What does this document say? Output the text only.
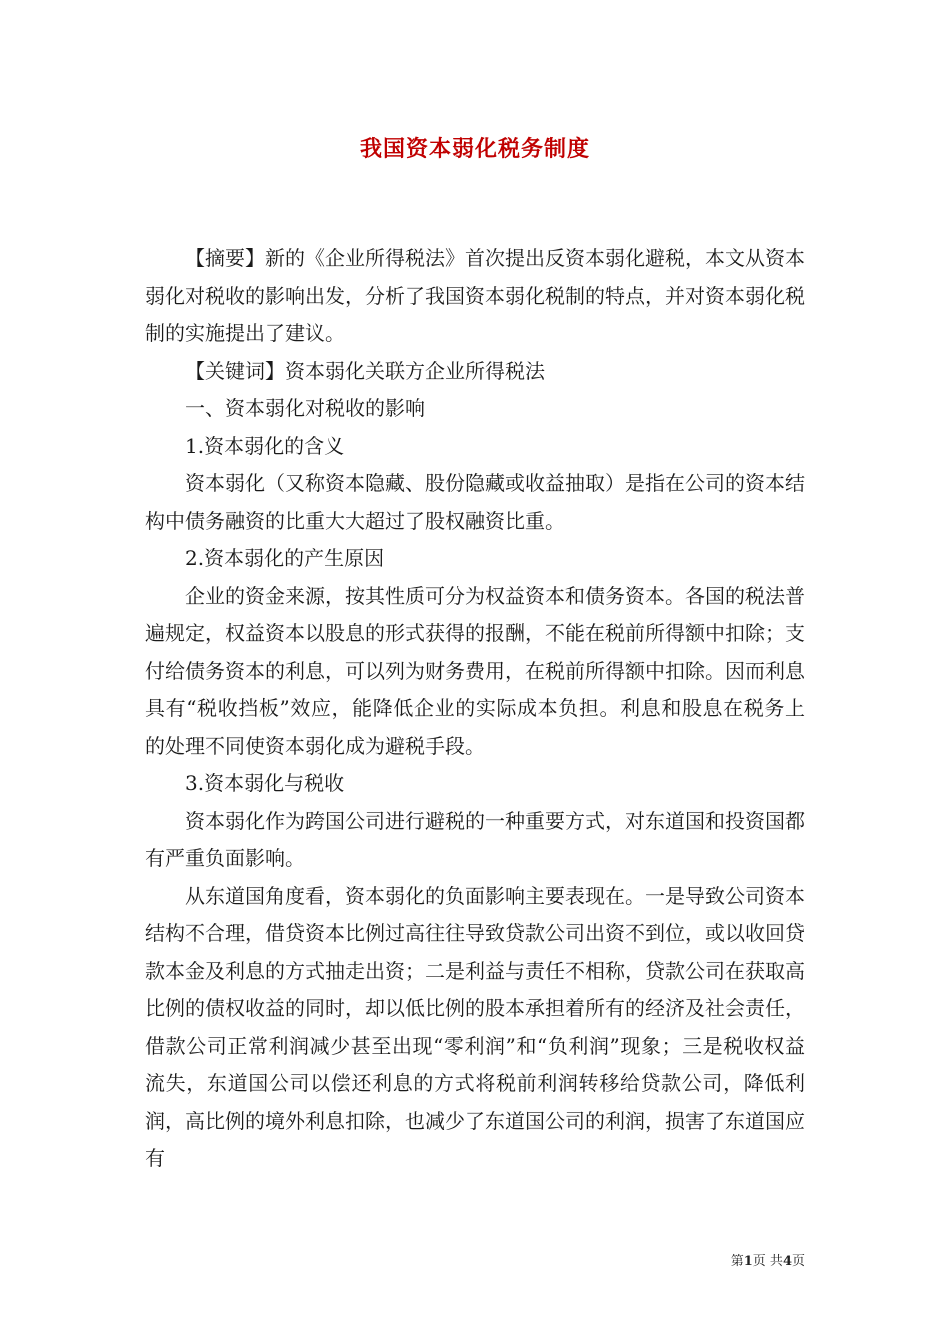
我国资本弱化税务制度

【摘要】新的《企业所得税法》首次提出反资本弱化避税，本文从资本弱化对税收的影响出发，分析了我国资本弱化税制的特点，并对资本弱化税制的实施提出了建议。

【关键词】资本弱化关联方企业所得税法

一、资本弱化对税收的影响

1.资本弱化的含义

资本弱化（又称资本隐藏、股份隐藏或收益抽取）是指在公司的资本结构中债务融资的比重大大超过了股权融资比重。

2.资本弱化的产生原因

企业的资金来源，按其性质可分为权益资本和债务资本。各国的税法普遍规定，权益资本以股息的形式获得的报酬，不能在税前所得额中扣除；支付给债务资本的利息，可以列为财务费用，在税前所得额中扣除。因而利息具有“税收挡板”效应，能降低企业的实际成本负担。利息和股息在税务上的处理不同使资本弱化成为避税手段。

3.资本弱化与税收

资本弱化作为跨国公司进行避税的一种重要方式，对东道国和投资国都有严重负面影响。

从东道国角度看，资本弱化的负面影响主要表现在。一是导致公司资本结构不合理，借贷资本比例过高往往导致贷款公司出资不到位，或以收回贷款本金及利息的方式抽走出资；二是利益与责任不相称，贷款公司在获取高比例的债权收益的同时，却以低比例的股本承担着所有的经济及社会责任，借款公司正常利润减少甚至出现“零利润”和“负利润”现象；三是税收权益流失，东道国公司以偿还利息的方式将税前利润转移给贷款公司，降低利润，高比例的境外利息扣除，也减少了东道国公司的利润，损害了东道国应有

第1页 共4页
